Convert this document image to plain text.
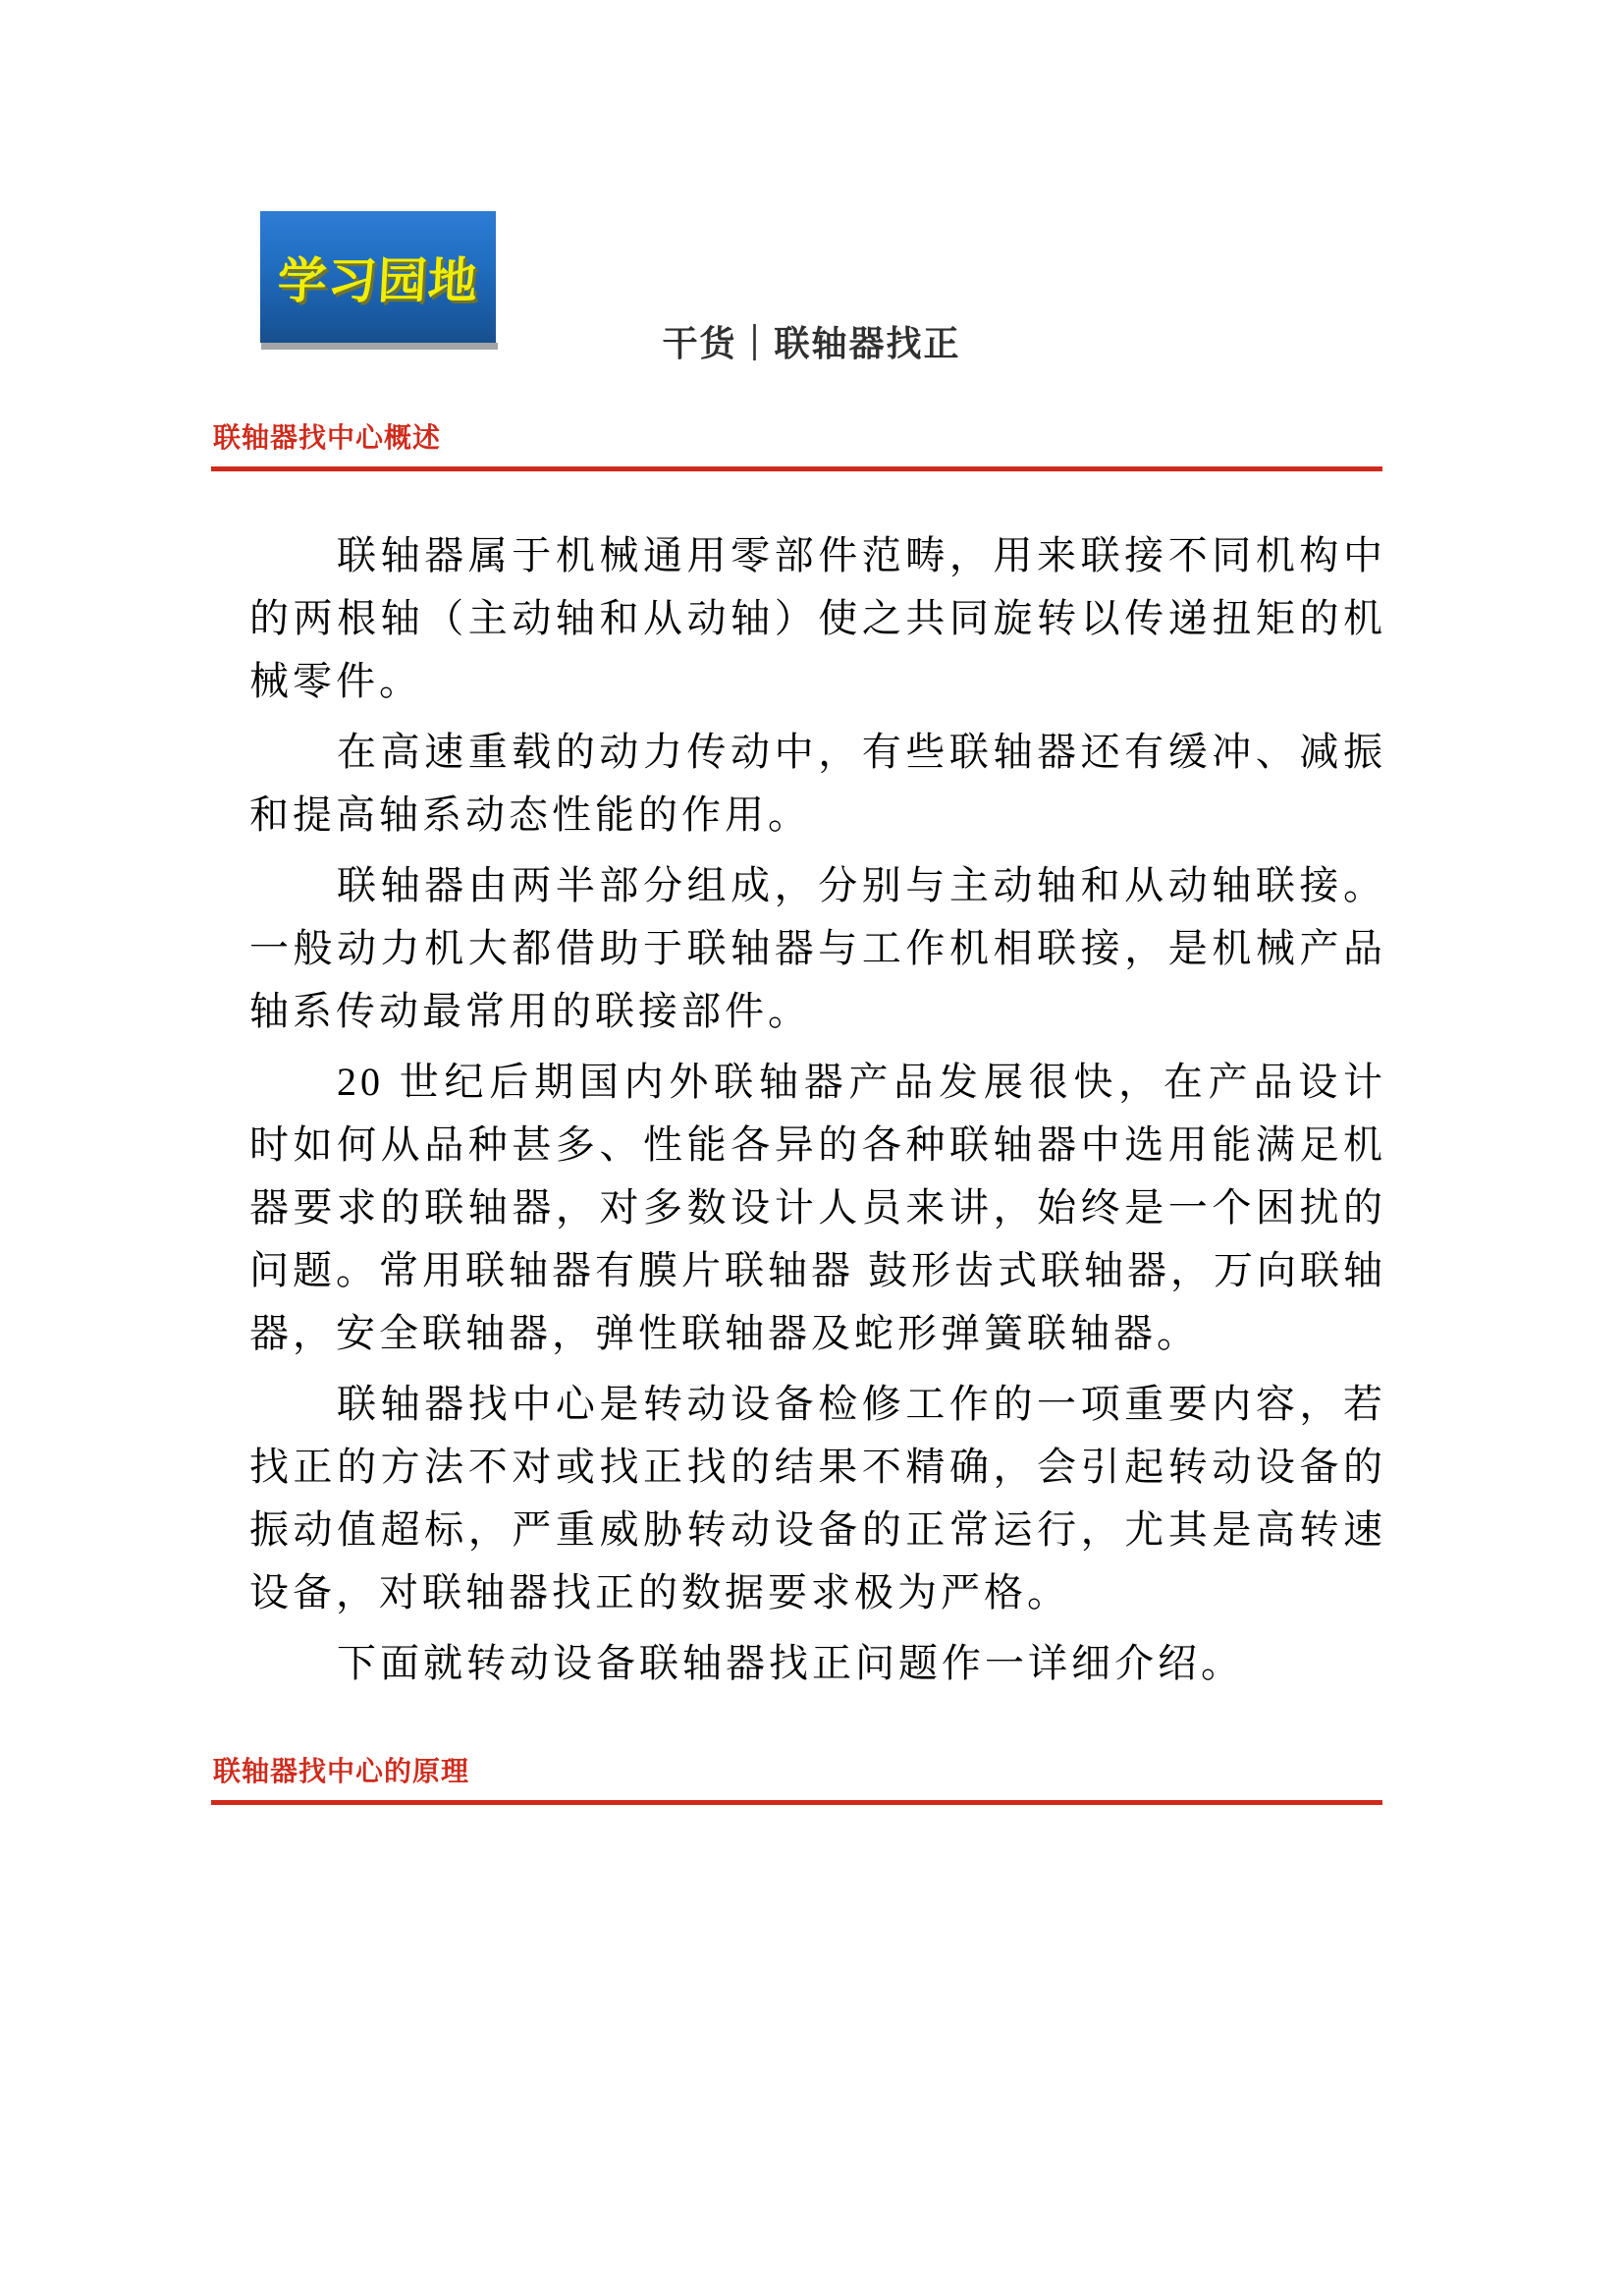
学习园地
干货｜联轴器找正
联轴器找中心概述

联轴器属于机械通用零部件范畴，用来联接不同机构中的两根轴（主动轴和从动轴）使之共同旋转以传递扭矩的机械零件。

在高速重载的动力传动中，有些联轴器还有缓冲、减振和提高轴系动态性能的作用。

联轴器由两半部分组成，分别与主动轴和从动轴联接。一般动力机大都借助于联轴器与工作机相联接，是机械产品轴系传动最常用的联接部件。

20 世纪后期国内外联轴器产品发展很快，在产品设计时如何从品种甚多、性能各异的各种联轴器中选用能满足机器要求的联轴器，对多数设计人员来讲，始终是一个困扰的问题。常用联轴器有膜片联轴器 鼓形齿式联轴器，万向联轴器，安全联轴器，弹性联轴器及蛇形弹簧联轴器。

联轴器找中心是转动设备检修工作的一项重要内容，若找正的方法不对或找正找的结果不精确，会引起转动设备的振动值超标，严重威胁转动设备的正常运行，尤其是高转速设备，对联轴器找正的数据要求极为严格。

下面就转动设备联轴器找正问题作一详细介绍。

联轴器找中心的原理
